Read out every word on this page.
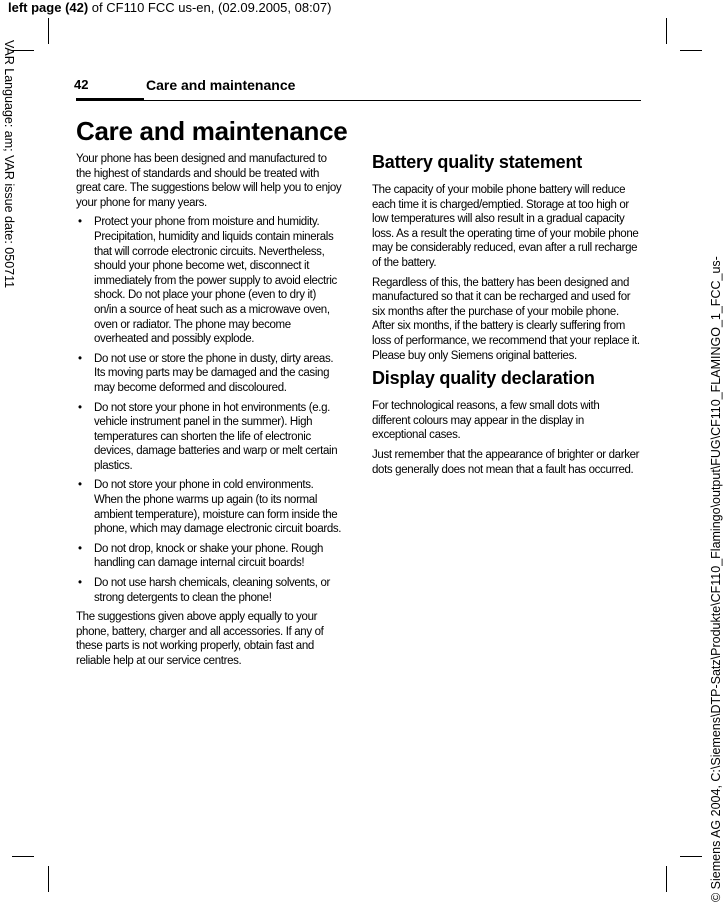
left page (42) of CF110 FCC us-en, (02.09.2005, 08:07)
VAR Language: am; VAR issue date: 050711
© Siemens AG 2004, C:\Siemens\DTP-Satz\Produkte\CF110_Flamingo\output\FUG\CF110_FLAMINGO_1_FCC_us-
42	Care and maintenance
Care and maintenance

Your phone has been designed and manufactured to the highest of standards and should be treated with great care. The suggestions below will help you to enjoy your phone for many years.

• Protect your phone from moisture and humidity. Precipitation, humidity and liquids contain minerals that will corrode electronic circuits. Nevertheless, should your phone become wet, disconnect it immediately from the power supply to avoid electric shock. Do not place your phone (even to dry it) on/in a source of heat such as a microwave oven, oven or radiator. The phone may become overheated and possibly explode.
• Do not use or store the phone in dusty, dirty areas. Its moving parts may be damaged and the casing may become deformed and discoloured.
• Do not store your phone in hot environments (e.g. vehicle instrument panel in the summer). High temperatures can shorten the life of electronic devices, damage batteries and warp or melt certain plastics.
• Do not store your phone in cold environments. When the phone warms up again (to its normal ambient temperature), moisture can form inside the phone, which may damage electronic circuit boards.
• Do not drop, knock or shake your phone. Rough handling can damage internal circuit boards!
• Do not use harsh chemicals, cleaning solvents, or strong detergents to clean the phone!

The suggestions given above apply equally to your phone, battery, charger and all accessories. If any of these parts is not working properly, obtain fast and reliable help at our service centres.

Battery quality statement

The capacity of your mobile phone battery will reduce each time it is charged/emptied. Storage at too high or low temperatures will also result in a gradual capacity loss. As a result the operating time of your mobile phone may be considerably reduced, evan after a rull recharge of the battery.

Regardless of this, the battery has been designed and manufactured so that it can be recharged and used for six months after the purchase of your mobile phone. After six months, if the battery is clearly suffering from loss of performance, we recommend that your replace it. Please buy only Siemens original batteries.

Display quality declaration

For technological reasons, a few small dots with different colours may appear in the display in exceptional cases.

Just remember that the appearance of brighter or darker dots generally does not mean that a fault has occurred.
